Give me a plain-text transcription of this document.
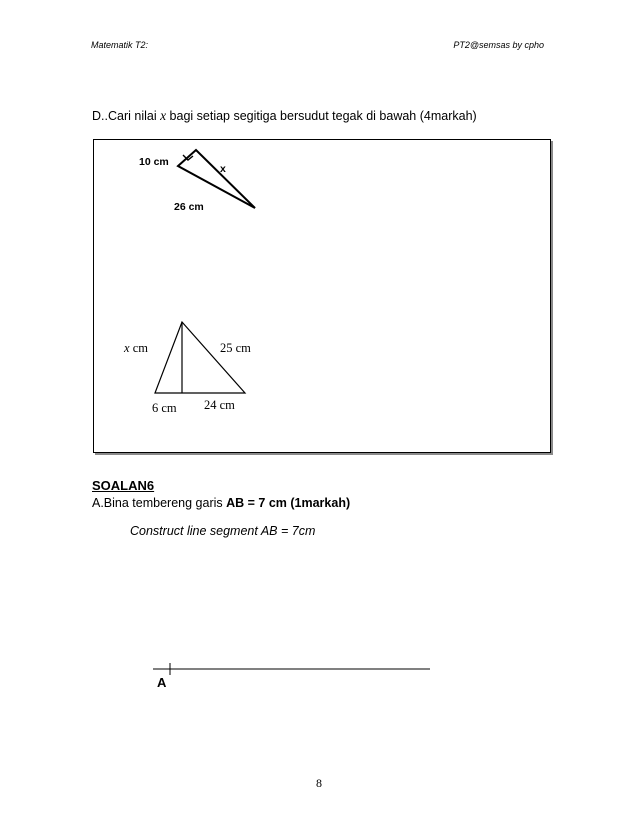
Matematik T2:	PT2@semsas by cpho
D..Cari nilai x bagi setiap segitiga bersudut tegak di bawah (4markah)
10 cm
x
26 cm
x cm	25 cm
6 cm 24 cm
SOALAN6
A.Bina tembereng garis AB = 7 cm (1markah)
Construct line segment AB = 7cm
A
8
